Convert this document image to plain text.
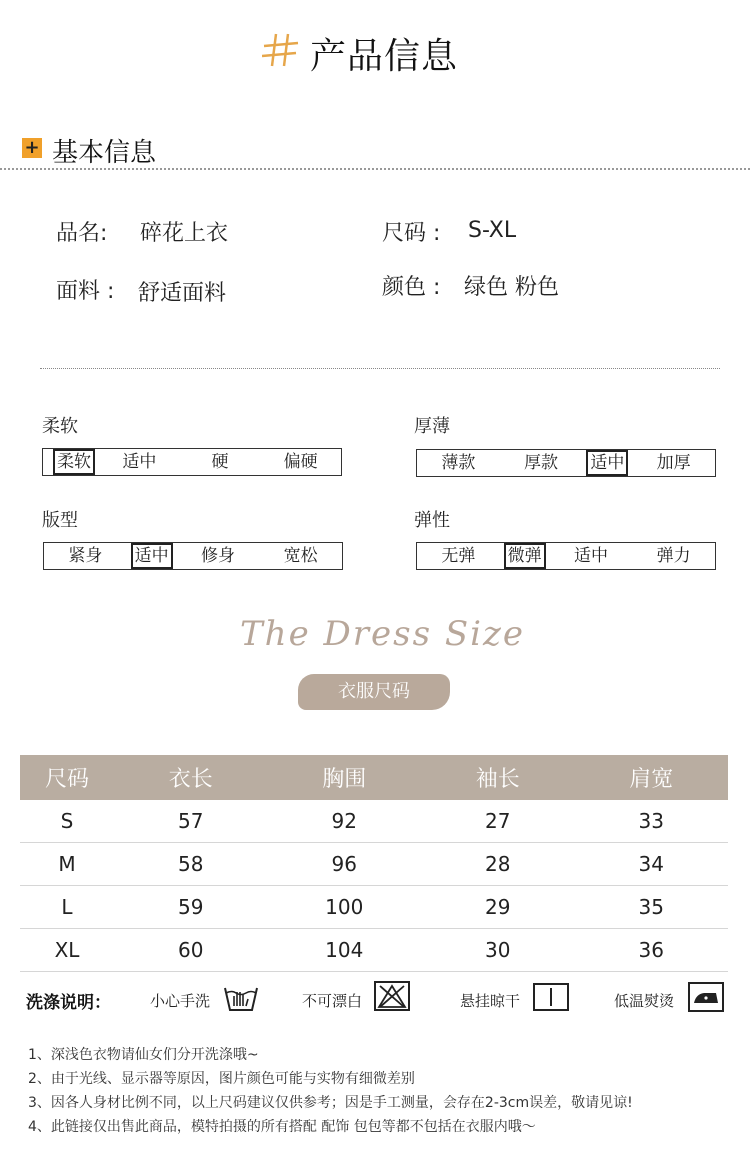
产品信息
+ 基本信息
品名: 碎花上衣	尺码 : S-XL
面料 : 舒适面料	颜色 : 绿色 粉色
柔软
柔软	适中	硬	偏硬
厚薄
薄款	厚款	适中	加厚
版型
紧身	适中	修身	宽松
弹性
无弹	微弹	适中	弹力
The Dress Size
衣服尺码
尺码	衣长	胸围	袖长	肩宽
S	57	92	27	33
M	58	96	28	34
L	59	100	29	35
XL	60	104	30	36
洗涤说明：	小心手洗	不可漂白	悬挂晾干	低温熨烫
1、深浅色衣物请仙女们分开洗涤哦~
2、由于光线、显示器等原因，图片颜色可能与实物有细微差别
3、因各人身材比例不同，以上尺码建议仅供参考；因是手工测量，会存在2-3cm误差，敬请见谅!
4、此链接仅出售此商品，模特拍摄的所有搭配 配饰 包包等都不包括在衣服内哦〜
